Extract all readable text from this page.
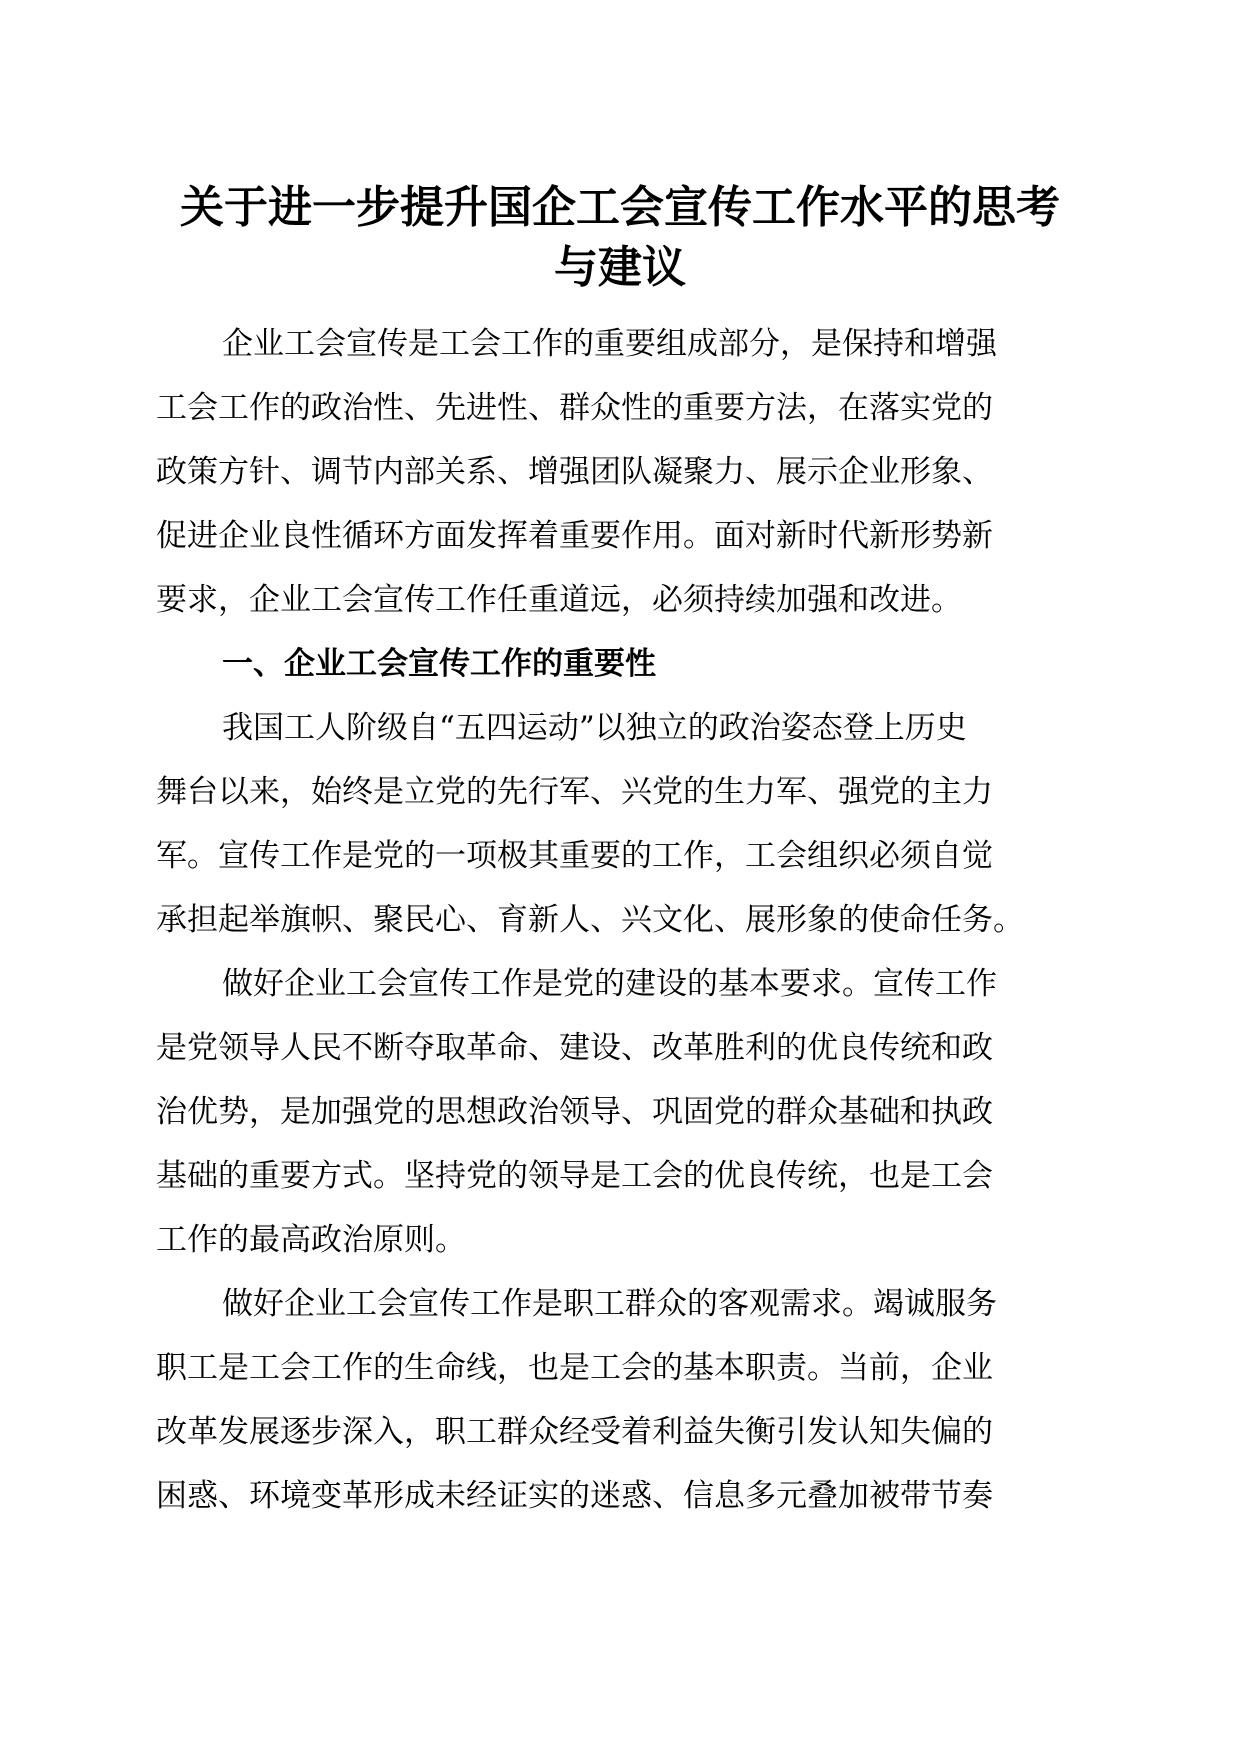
关于进一步提升国企工会宣传工作水平的思考
与建议

企业工会宣传是工会工作的重要组成部分，是保持和增强

工会工作的政治性、先进性、群众性的重要方法，在落实党的

政策方针、调节内部关系、增强团队凝聚力、展示企业形象、

促进企业良性循环方面发挥着重要作用。面对新时代新形势新

要求，企业工会宣传工作任重道远，必须持续加强和改进。

一、企业工会宣传工作的重要性

我国工人阶级自“五四运动”以独立的政治姿态登上历史

舞台以来，始终是立党的先行军、兴党的生力军、强党的主力

军。宣传工作是党的一项极其重要的工作，工会组织必须自觉

承担起举旗帜、聚民心、育新人、兴文化、展形象的使命任务。

做好企业工会宣传工作是党的建设的基本要求。宣传工作

是党领导人民不断夺取革命、建设、改革胜利的优良传统和政

治优势，是加强党的思想政治领导、巩固党的群众基础和执政

基础的重要方式。坚持党的领导是工会的优良传统，也是工会

工作的最高政治原则。

做好企业工会宣传工作是职工群众的客观需求。竭诚服务

职工是工会工作的生命线，也是工会的基本职责。当前，企业

改革发展逐步深入，职工群众经受着利益失衡引发认知失偏的

困惑、环境变革形成未经证实的迷惑、信息多元叠加被带节奏
